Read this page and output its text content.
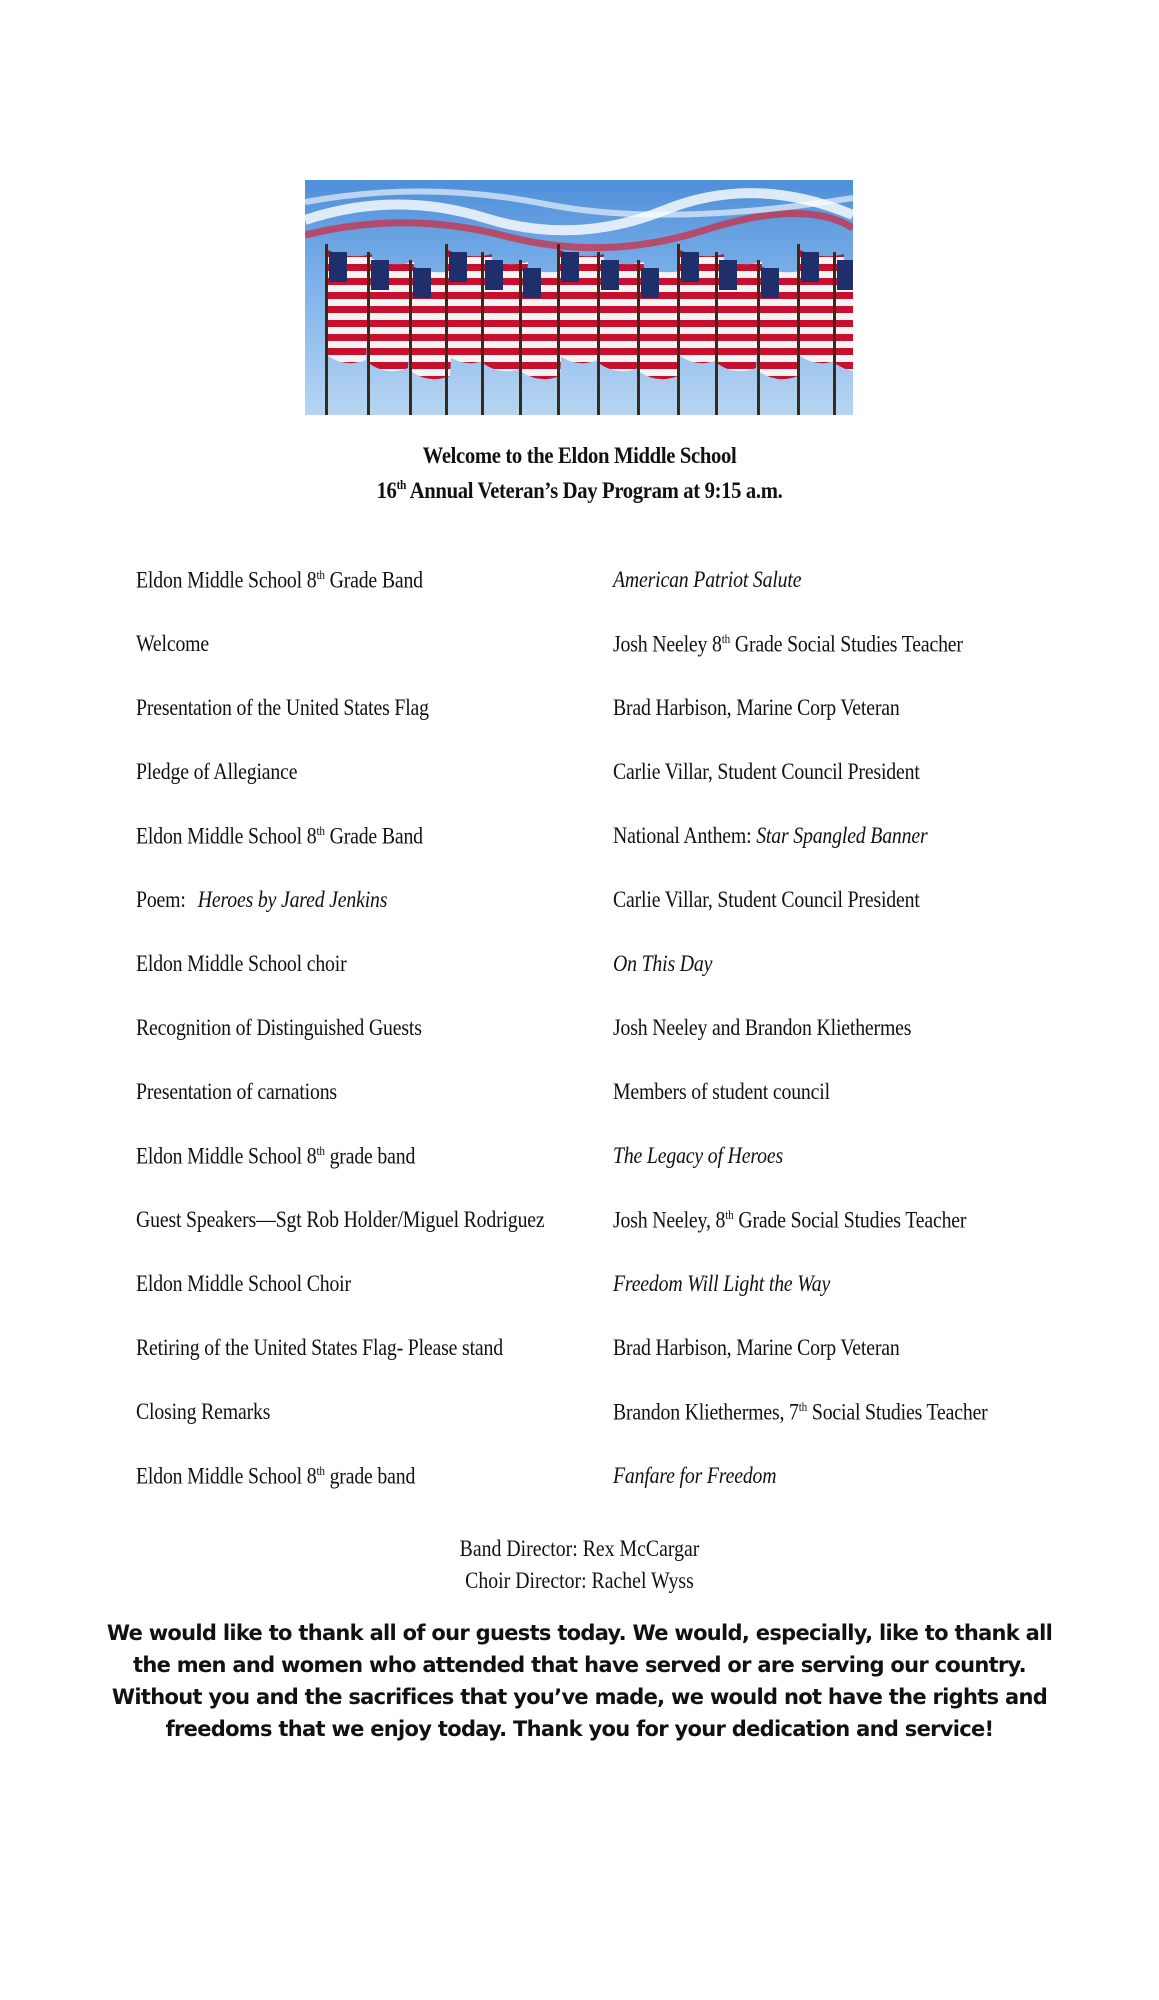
Welcome to the Eldon Middle School
16th Annual Veteran’s Day Program at 9:15 a.m.
Eldon Middle School 8th Grade Band	American Patriot Salute
Welcome	Josh Neeley 8th Grade Social Studies Teacher
Presentation of the United States Flag	Brad Harbison, Marine Corp Veteran
Pledge of Allegiance	Carlie Villar, Student Council President
Eldon Middle School 8th Grade Band	National Anthem: Star Spangled Banner
Poem: Heroes by Jared Jenkins	Carlie Villar, Student Council President
Eldon Middle School choir	On This Day
Recognition of Distinguished Guests	Josh Neeley and Brandon Kliethermes
Presentation of carnations	Members of student council
Eldon Middle School 8th grade band	The Legacy of Heroes
Guest Speakers—Sgt Rob Holder/Miguel Rodriguez	Josh Neeley, 8th Grade Social Studies Teacher
Eldon Middle School Choir	Freedom Will Light the Way
Retiring of the United States Flag- Please stand	Brad Harbison, Marine Corp Veteran
Closing Remarks	Brandon Kliethermes, 7th Social Studies Teacher
Eldon Middle School 8th grade band	Fanfare for Freedom
Band Director: Rex McCargar
Choir Director: Rachel Wyss
We would like to thank all of our guests today. We would, especially, like to thank all the men and women who attended that have served or are serving our country. Without you and the sacrifices that you’ve made, we would not have the rights and freedoms that we enjoy today. Thank you for your dedication and service!
